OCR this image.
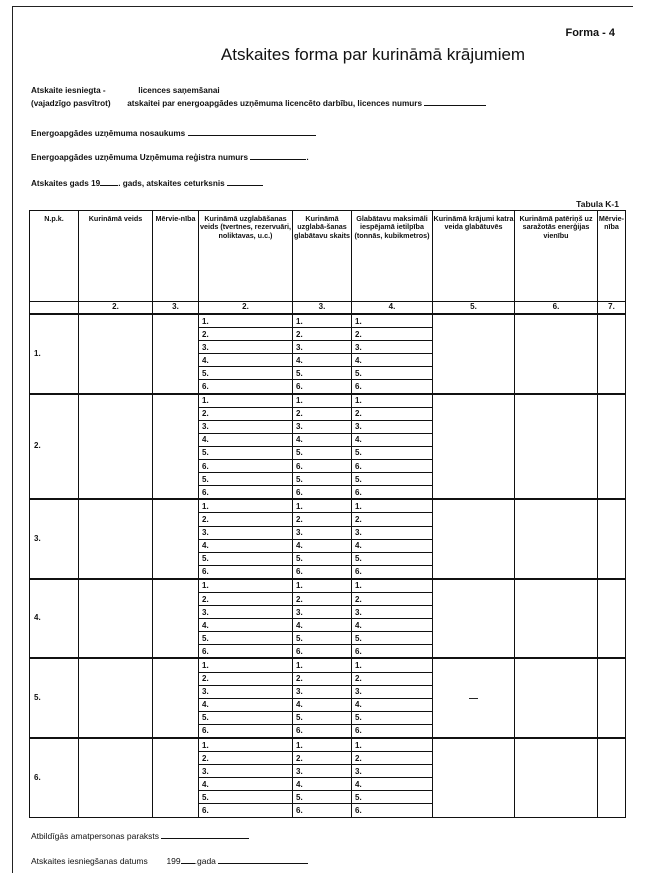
Forma - 4
Atskaites forma par kurināmā krājumiem
Atskaite iesniegta -	licences saņemšanai
(vajadzīgo pasvītrot) atskaitei par energoapgādes uzņēmuma licencēto darbību, licences numurs
Energoapgādes uzņēmuma nosaukums
Energoapgādes uzņēmuma Uzņēmuma reģistra numurs	.
Atskaites gads 19 . gads, atskaites ceturksnis
Tabula K-1
N.p.k.	Kurināmā veids	Mērvie-nība	Kurināmā uzglabāšanas veids (tvertnes, rezervuāri, noliktavas, u.c.)	Kurināmā uzglabā-šanas glabātavu skaits	Glabātavu maksimāli iespējamā ietilpība (tonnās, kubikmetros)	Kurināmā krājumi katra veida glabātuvēs	Kurināmā patēriņš uz saražotās enerģijas vienību	Mērvie-nība
	2.	3.	2.	3.	4.	5.	6.	7.
1.			1.	1.	1.			
			2.	2.	2.			
			3.	3.	3.			
			4.	4.	4.			
			5.	5.	5.			
			6.	6.	6.			
2.			1.	1.	1.			
			2.	2.	2.			
			3.	3.	3.			
			4.	4.	4.			
			5.	5.	5.			
			6.	6.	6.			
			5.	5.	5.			
			6.	6.	6.			
3.			1.	1.	1.			
			2.	2.	2.			
			3.	3.	3.			
			4.	4.	4.			
			5.	5.	5.			
			6.	6.	6.			
4.			1.	1.	1.			
			2.	2.	2.			
			3.	3.	3.			
			4.	4.	4.			
			5.	5.	5.			
			6.	6.	6.			
5.			1.	1.	1.	—		

			2.	2.	2.			
			3.	3.	3.			
			4.	4.	4.			
			5.	5.	5.			
			6.	6.	6.			
6.			1.	1.	1.			
			2.	2.	2.			
			3.	3.	3.			
			4.	4.	4.			
			5.	5.	5.			
			6.	6.	6.			
Atbildīgās amatpersonas paraksts
Atskaites iesniegšanas datums 199 .gada
